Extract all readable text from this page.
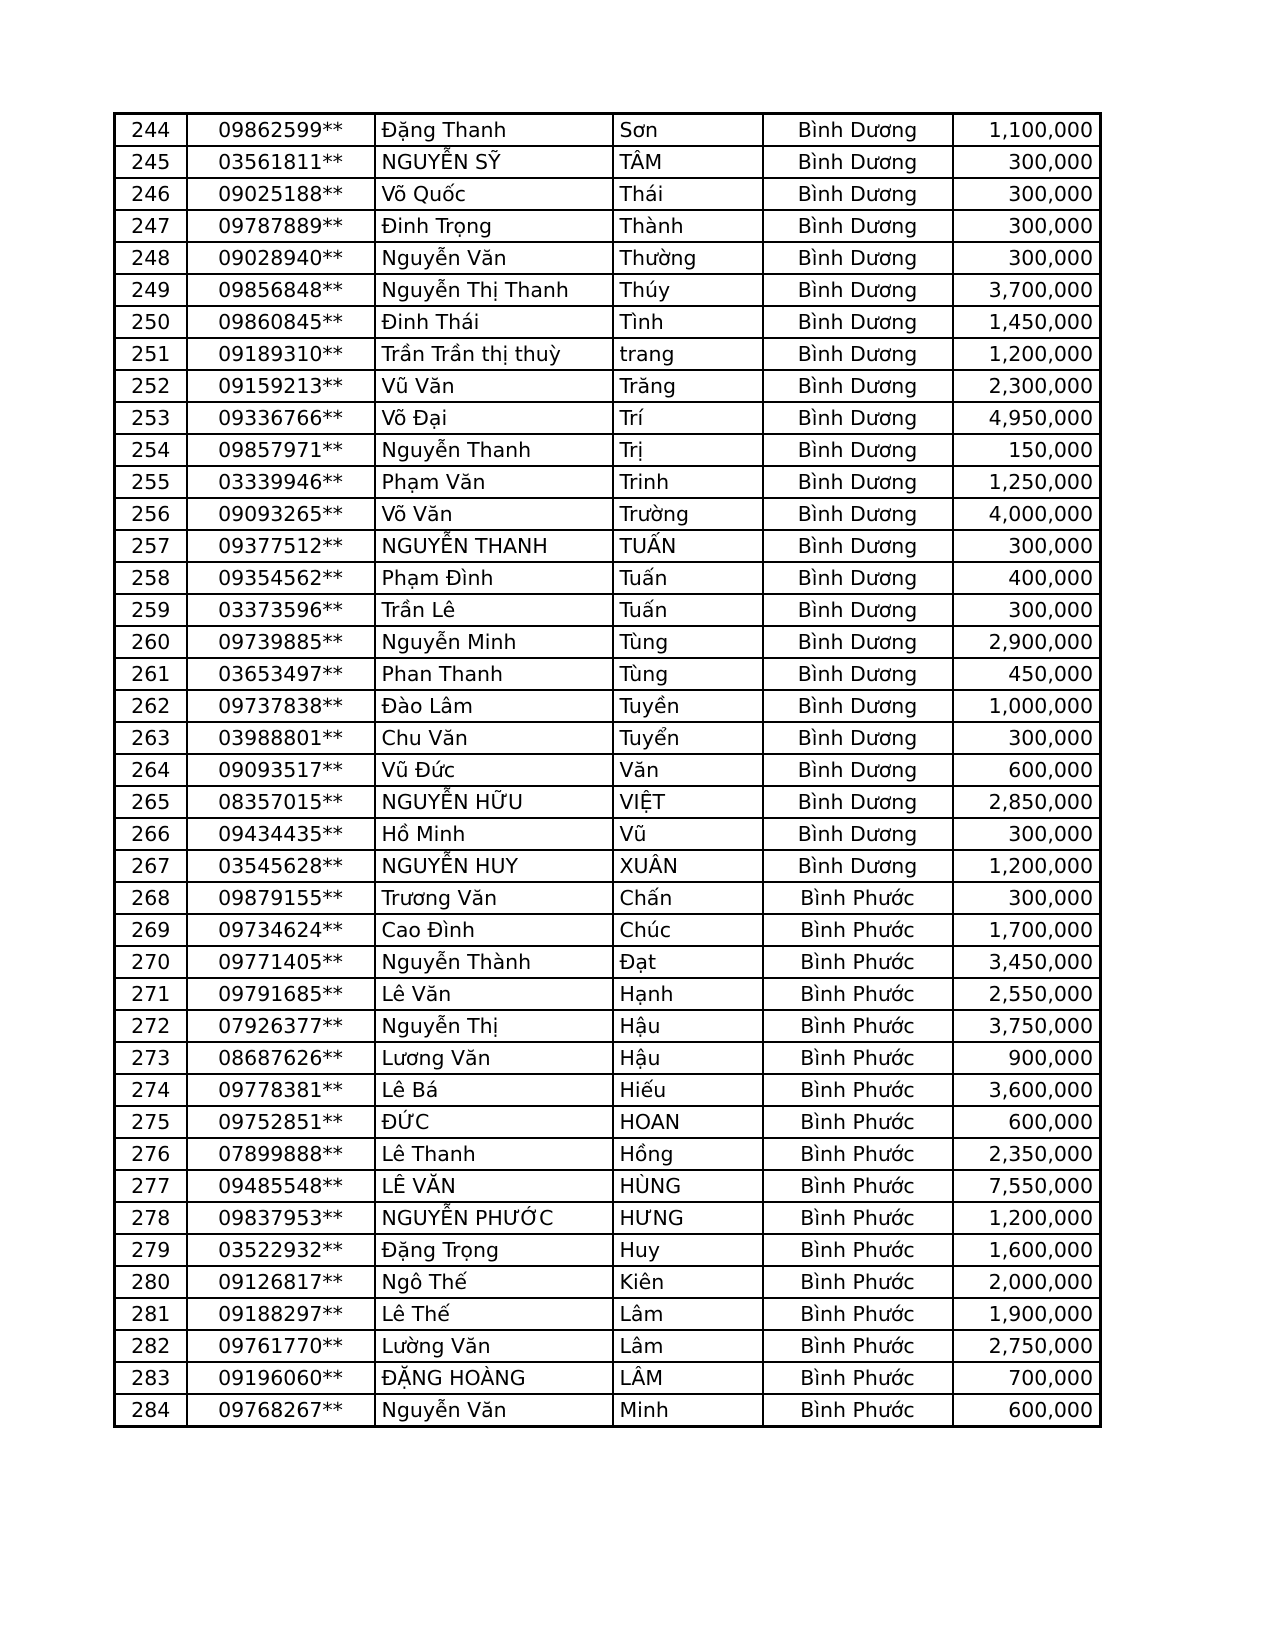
244	09862599**	Đặng Thanh	Sơn	Bình Dương	1,100,000
245	03561811**	NGUYỄN SỸ	TÂM	Bình Dương	300,000
246	09025188**	Võ Quốc	Thái	Bình Dương	300,000
247	09787889**	Đinh Trọng	Thành	Bình Dương	300,000
248	09028940**	Nguyễn Văn	Thường	Bình Dương	300,000
249	09856848**	Nguyễn Thị Thanh	Thúy	Bình Dương	3,700,000
250	09860845**	Đinh Thái	Tình	Bình Dương	1,450,000
251	09189310**	Trần Trần thị thuỳ	trang	Bình Dương	1,200,000
252	09159213**	Vũ Văn	Trăng	Bình Dương	2,300,000
253	09336766**	Võ Đại	Trí	Bình Dương	4,950,000
254	09857971**	Nguyễn Thanh	Trị	Bình Dương	150,000
255	03339946**	Phạm Văn	Trinh	Bình Dương	1,250,000
256	09093265**	Võ Văn	Trường	Bình Dương	4,000,000
257	09377512**	NGUYỄN THANH	TUẤN	Bình Dương	300,000
258	09354562**	Phạm Đình	Tuấn	Bình Dương	400,000
259	03373596**	Trần Lê	Tuấn	Bình Dương	300,000
260	09739885**	Nguyễn Minh	Tùng	Bình Dương	2,900,000
261	03653497**	Phan Thanh	Tùng	Bình Dương	450,000
262	09737838**	Đào Lâm	Tuyền	Bình Dương	1,000,000
263	03988801**	Chu Văn	Tuyển	Bình Dương	300,000
264	09093517**	Vũ Đức	Văn	Bình Dương	600,000
265	08357015**	NGUYỄN HỮU	VIỆT	Bình Dương	2,850,000
266	09434435**	Hồ Minh	Vũ	Bình Dương	300,000
267	03545628**	NGUYỄN HUY	XUÂN	Bình Dương	1,200,000
268	09879155**	Trương Văn	Chấn	Bình Phước	300,000
269	09734624**	Cao Đình	Chúc	Bình Phước	1,700,000
270	09771405**	Nguyễn Thành	Đạt	Bình Phước	3,450,000
271	09791685**	Lê Văn	Hạnh	Bình Phước	2,550,000
272	07926377**	Nguyễn Thị	Hậu	Bình Phước	3,750,000
273	08687626**	Lương Văn	Hậu	Bình Phước	900,000
274	09778381**	Lê Bá	Hiếu	Bình Phước	3,600,000
275	09752851**	ĐỨC	HOAN	Bình Phước	600,000
276	07899888**	Lê Thanh	Hồng	Bình Phước	2,350,000
277	09485548**	LÊ VĂN	HÙNG	Bình Phước	7,550,000
278	09837953**	NGUYỄN PHƯỚC	HƯNG	Bình Phước	1,200,000
279	03522932**	Đặng Trọng	Huy	Bình Phước	1,600,000
280	09126817**	Ngô Thế	Kiên	Bình Phước	2,000,000
281	09188297**	Lê Thế	Lâm	Bình Phước	1,900,000
282	09761770**	Lường Văn	Lâm	Bình Phước	2,750,000
283	09196060**	ĐẶNG HOÀNG	LÂM	Bình Phước	700,000
284	09768267**	Nguyễn Văn	Minh	Bình Phước	600,000
